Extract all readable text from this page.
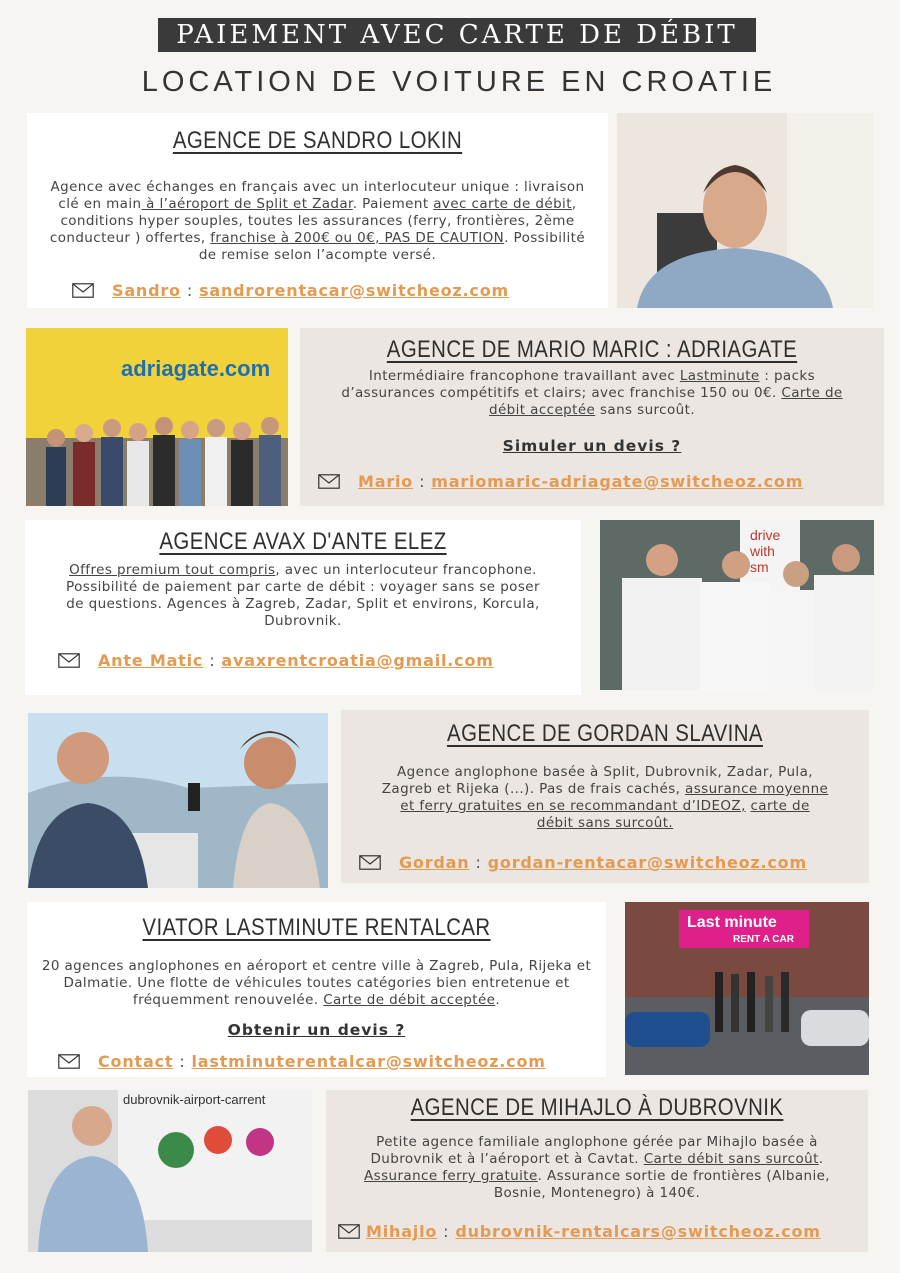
PAIEMENT AVEC CARTE DE DÉBIT
LOCATION DE VOITURE EN CROATIE
AGENCE DE SANDRO LOKIN

Agence avec échanges en français avec un interlocuteur unique : livraison clé en main à l’aéroport de Split et Zadar. Paiement avec carte de débit, conditions hyper souples, toutes les assurances (ferry, frontières, 2ème conducteur ) offertes, franchise à 200€ ou 0€, PAS DE CAUTION. Possibilité de remise selon l’acompte versé.

Sandro : sandrorentacar@switcheoz.com
adriagate.com
AGENCE DE MARIO MARIC : ADRIAGATE

Intermédiaire francophone travaillant avec Lastminute : packs d’assurances compétitifs et clairs; avec franchise 150 ou 0€. Carte de débit acceptée sans surcoût.

Simuler un devis ?
Mario : mariomaric-adriagate@switcheoz.com
AGENCE AVAX D'ANTE ELEZ

Offres premium tout compris, avec un interlocuteur francophone. Possibilité de paiement par carte de débit : voyager sans se poser de questions. Agences à Zagreb, Zadar, Split et environs, Korcula, Dubrovnik.

Ante Matic : avaxrentcroatia@gmail.com
drive
with
sm
AGENCE DE GORDAN SLAVINA

Agence anglophone basée à Split, Dubrovnik, Zadar, Pula, Zagreb et Rijeka (...). Pas de frais cachés, assurance moyenne et ferry gratuites en se recommandant d’IDEOZ, carte de débit sans surcoût.

Gordan : gordan-rentacar@switcheoz.com
VIATOR LASTMINUTE RENTALCAR

20 agences anglophones en aéroport et centre ville à Zagreb, Pula, Rijeka et Dalmatie. Une flotte de véhicules toutes catégories bien entretenue et fréquemment renouvelée. Carte de débit acceptée.

Obtenir un devis ?
Contact : lastminuterentalcar@switcheoz.com
Last minute
RENT A CAR
dubrovnik-airport-carrent	AGENCE DE MIHAJLO À DUBROVNIK

Petite agence familiale anglophone gérée par Mihajlo basée à Dubrovnik et à l’aéroport et à Cavtat. Carte débit sans surcoût. Assurance ferry gratuite. Assurance sortie de frontières (Albanie, Bosnie, Montenegro) à 140€.

Mihajlo : dubrovnik-rentalcars@switcheoz.com
